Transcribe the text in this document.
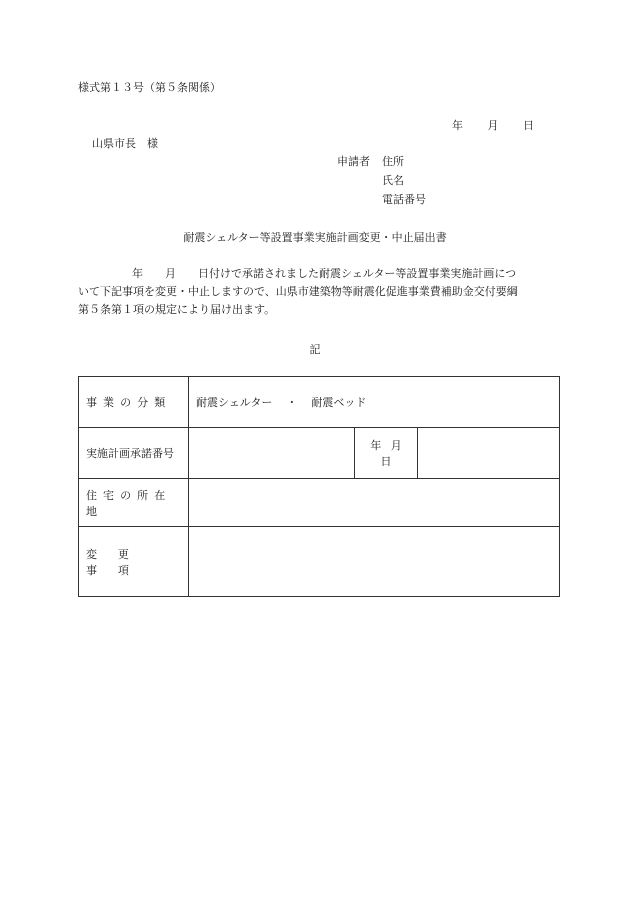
様式第１３号（第５条関係）
年 月 日
山県市長　様
申請者 住所
氏名
電話番号
耐震シェルター等設置事業実施計画変更・中止届出書

年 月 日付けで承諾されました耐震シェルター等設置事業実施計画につ

いて下記事項を変更・中止しますので、山県市建築物等耐震化促進事業費補助金交付要綱

第５条第１項の規定により届け出ます。

記
事業の分類	耐震シェルター ・ 耐震ベッド		
実施計画承諾番号		年 月 日	
住宅の所在地			
変更事項			
